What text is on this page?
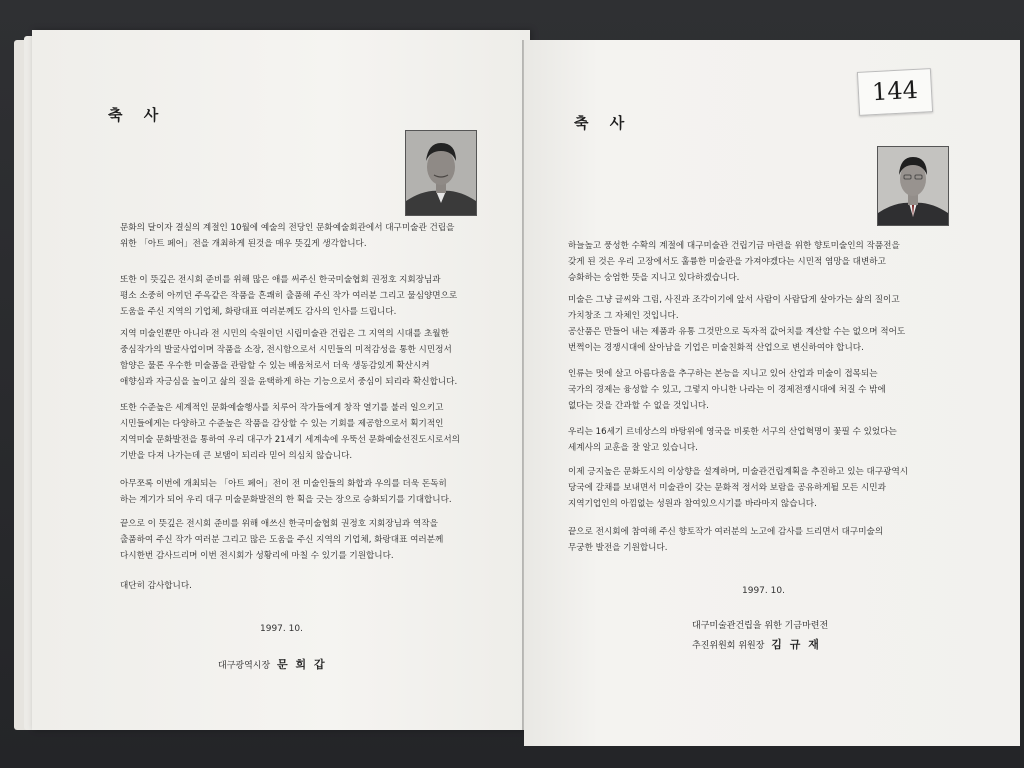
축 사

문화의 달이자 결실의 계절인 10월에 예술의 전당인 문화예술회관에서 대구미술관 건립을
위한 「아트 페어」전을 개최하게 된것을 매우 뜻깊게 생각합니다.

또한 이 뜻깊은 전시회 준비를 위해 많은 애를 써주신 한국미술협회 권정호 지회장님과
평소 소중히 아끼던 주옥같은 작품을 흔쾌히 출품해 주신 작가 여러분 그리고 물심양면으로
도움을 주신 지역의 기업체, 화랑대표 여러분께도 감사의 인사를 드립니다.

지역 미술인뿐만 아니라 전 시민의 숙원이던 시립미술관 건립은 그 지역의 시대를 초월한
중심작가의 발굴사업이며 작품을 소장, 전시함으로서 시민들의 미적감성을 통한 시민정서
함양은 물론 우수한 미술품을 관람할 수 있는 배움처로서 더욱 생동감있게 확산시켜
애향심과 자긍심을 높이고 삶의 질을 윤택하게 하는 기능으로서 중심이 되리라 확신합니다.

또한 수준높은 세계적인 문화예술행사를 치루어 작가들에게 창작 열기를 불러 일으키고
시민들에게는 다양하고 수준높은 작품을 감상할 수 있는 기회를 제공함으로서 획기적인
지역미술 문화발전을 통하여 우리 대구가 21세기 세계속에 우뚝선 문화예술선진도시로서의
기반을 다져 나가는데 큰 보탬이 되리라 믿어 의심치 않습니다.

아무쪼록 이번에 개최되는 「아트 페어」전이 전 미술인들의 화합과 우의를 더욱 돈독히
하는 계기가 되어 우리 대구 미술문화발전의 한 획을 긋는 장으로 승화되기를 기대합니다.

끝으로 이 뜻깊은 전시회 준비를 위해 애쓰신 한국미술협회 권정호 지회장님과 역작을
출품하여 주신 작가 여러분 그리고 많은 도움을 주신 지역의 기업체, 화랑대표 여러분께
다시한번 감사드리며 이번 전시회가 성황리에 마칠 수 있기를 기원합니다.

대단히 감사합니다.

1997. 10.
대구광역시장 문 희 갑
축 사

하늘높고 풍성한 수확의 계절에 대구미술관 건립기금 마련을 위한 향토미술인의 작품전을
갖게 된 것은 우리 고장에서도 훌륭한 미술관을 가져야겠다는 시민적 염망을 대변하고
승화하는 숭엄한 뜻을 지니고 있다하겠습니다.

미술은 그냥 글씨와 그림, 사진과 조각이기에 앞서 사람이 사람답게 살아가는 삶의 질이고
가치창조 그 자체인 것입니다.
공산품은 만들어 내는 제품과 유통 그것만으로 독자적 값어치를 계산할 수는 없으며 적어도
번쩍이는 경쟁시대에 살아남을 기업은 미술친화적 산업으로 변신하여야 합니다.

인류는 멋에 살고 아름다움을 추구하는 본능을 지니고 있어 산업과 미술이 접목되는
국가의 경제는 융성할 수 있고, 그렇지 아니한 나라는 이 경제전쟁시대에 처질 수 밖에
없다는 것을 간과할 수 없을 것입니다.

우리는 16세기 르네상스의 바탕위에 영국을 비롯한 서구의 산업혁명이 꽃필 수 있었다는
세계사의 교훈을 잘 알고 있습니다.

이제 긍지높은 문화도시의 이상향을 설계하며, 미술관건립계획을 추진하고 있는 대구광역시
당국에 갈채를 보내면서 미술관이 갖는 문화적 정서와 보람을 공유하게될 모든 시민과
지역기업인의 아낌없는 성원과 참여있으시기를 바라마지 않습니다.

끝으로 전시회에 참여해 주신 향토작가 여러분의 노고에 감사를 드리면서 대구미술의
무궁한 발전을 기원합니다.

1997. 10.
대구미술관건립을 위한 기금마련전
추진위원회 위원장 김 규 재
144
